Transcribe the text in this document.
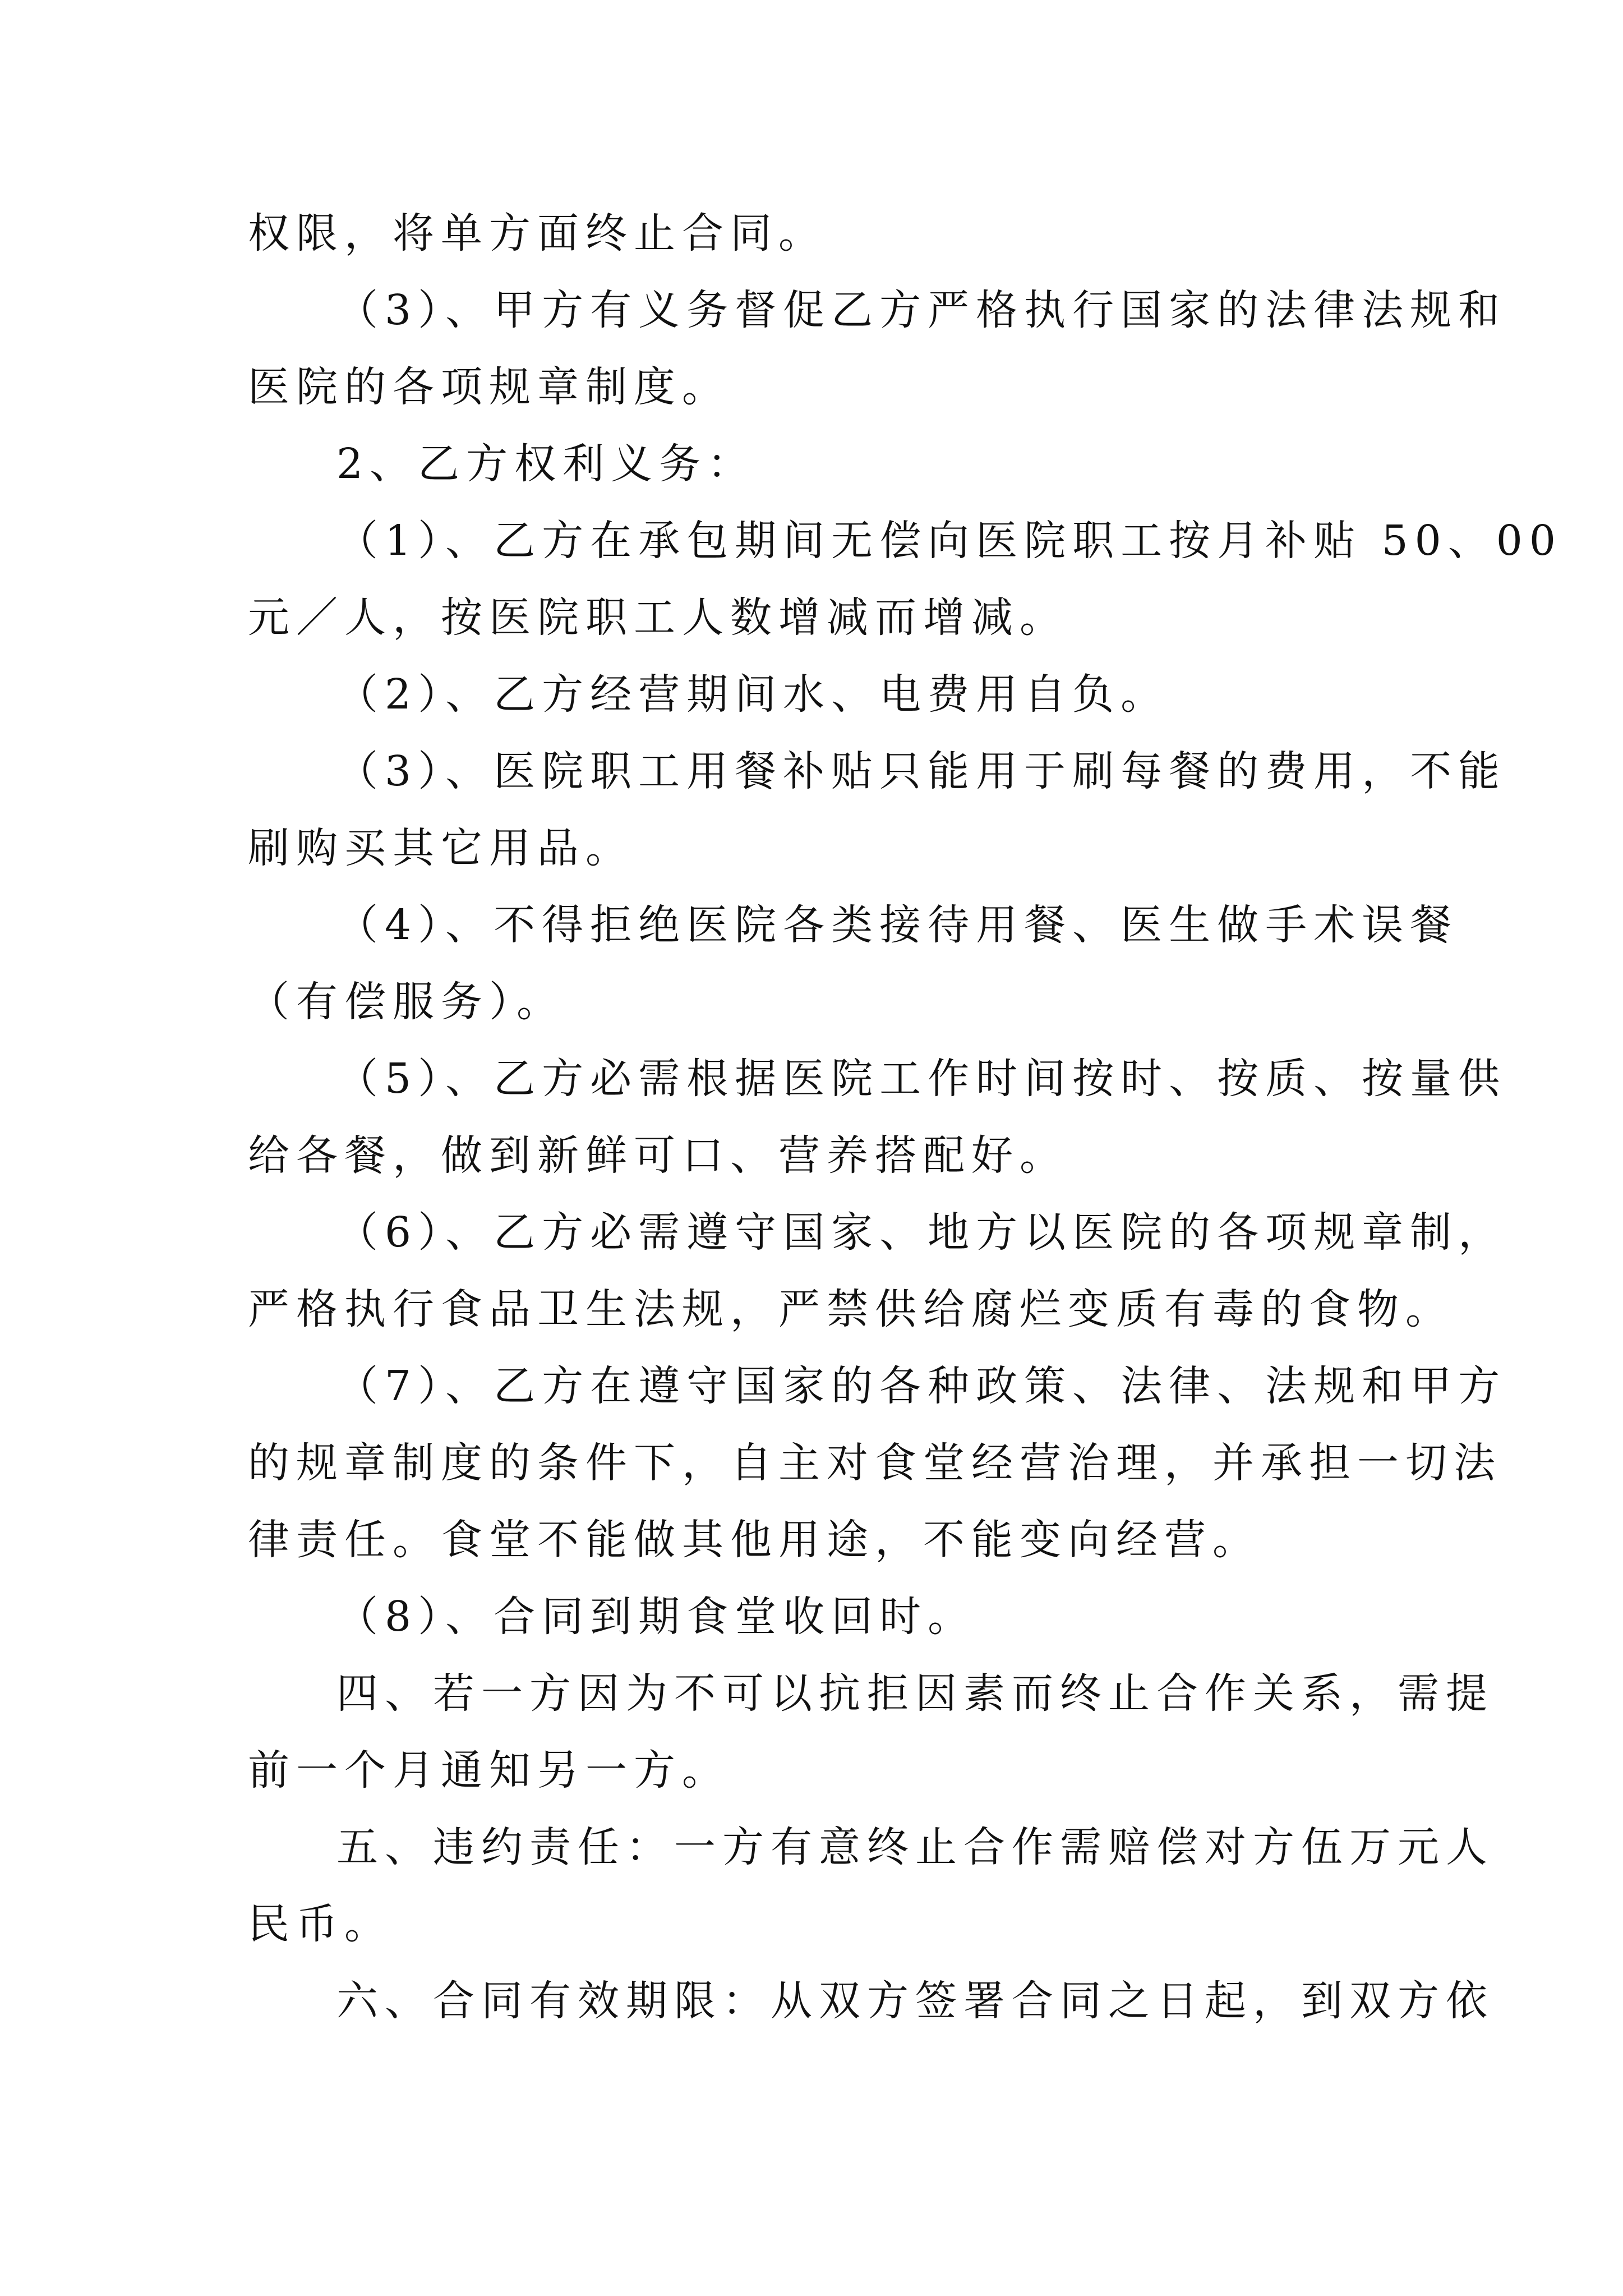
权限，将单方面终止合同。
（3）、甲方有义务督促乙方严格执行国家的法律法规和
医院的各项规章制度。
2、乙方权利义务：
（1）、乙方在承包期间无偿向医院职工按月补贴 50、00
元／人，按医院职工人数增减而增减。
（2）、乙方经营期间水、电费用自负。
（3）、医院职工用餐补贴只能用于刷每餐的费用，不能
刷购买其它用品。
（4）、不得拒绝医院各类接待用餐、医生做手术误餐
（有偿服务）。
（5）、乙方必需根据医院工作时间按时、按质、按量供
给各餐，做到新鲜可口、营养搭配好。
（6）、乙方必需遵守国家、地方以医院的各项规章制，
严格执行食品卫生法规，严禁供给腐烂变质有毒的食物。
（7）、乙方在遵守国家的各种政策、法律、法规和甲方
的规章制度的条件下，自主对食堂经营治理，并承担一切法
律责任。食堂不能做其他用途，不能变向经营。
（8）、合同到期食堂收回时。
四、若一方因为不可以抗拒因素而终止合作关系，需提
前一个月通知另一方。
五、违约责任：一方有意终止合作需赔偿对方伍万元人
民币。
六、合同有效期限：从双方签署合同之日起，到双方依
